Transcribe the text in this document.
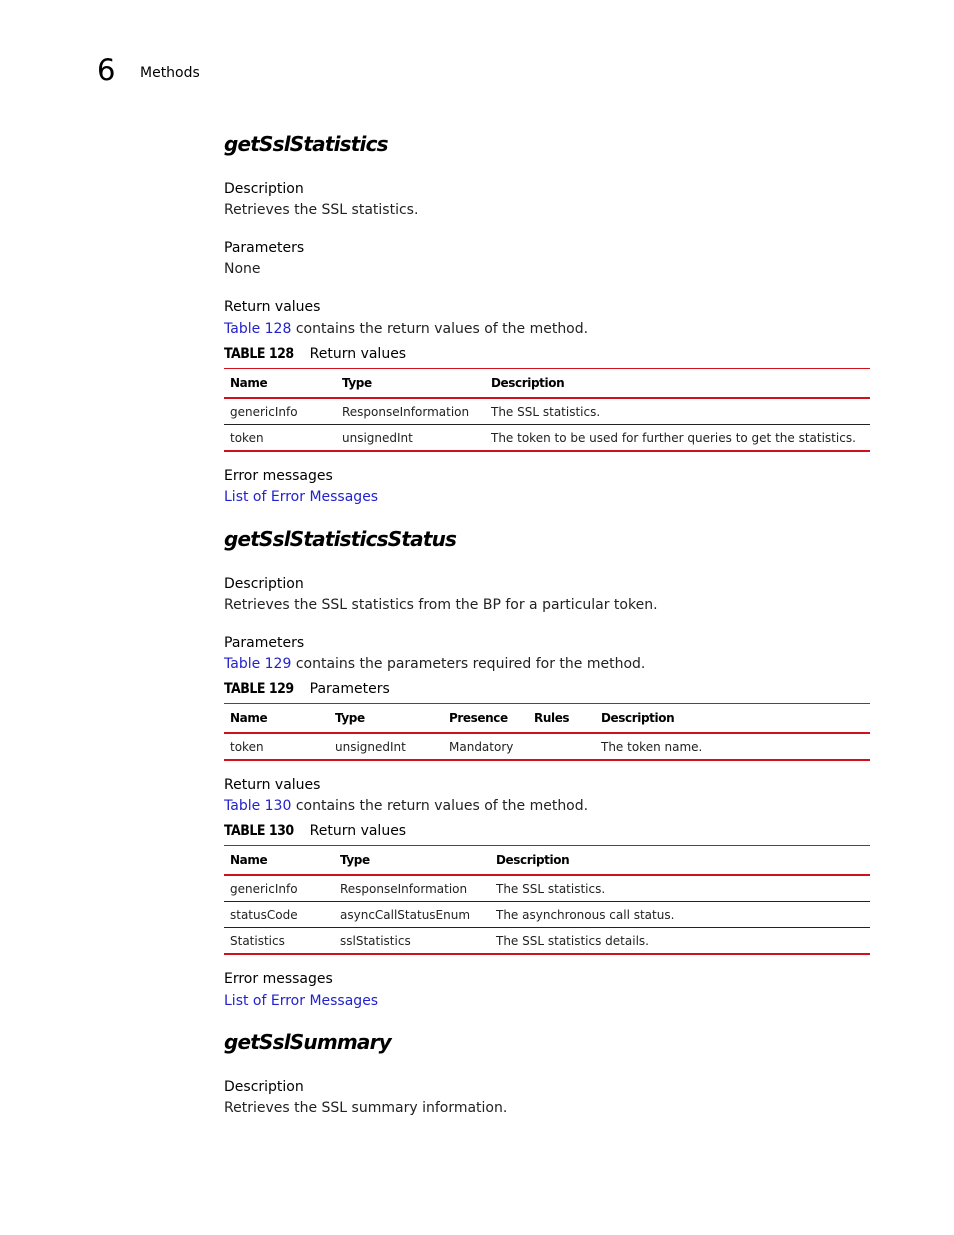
6 Methods
getSslStatistics
Description
Retrieves the SSL statistics.
Parameters
None
Return values
Table 128 contains the return values of the method.
TABLE 128 Return values
Name	Type	Description
genericInfo	ResponseInformation	The SSL statistics.
token	unsignedInt	The token to be used for further queries to get the statistics.
Error messages
List of Error Messages
getSslStatisticsStatus
Description
Retrieves the SSL statistics from the BP for a particular token.
Parameters
Table 129 contains the parameters required for the method.
TABLE 129 Parameters
Name	Type	Presence	Rules	Description
token	unsignedInt	Mandatory		The token name.
Return values
Table 130 contains the return values of the method.
TABLE 130 Return values
Name	Type	Description
genericInfo	ResponseInformation	The SSL statistics.
statusCode	asyncCallStatusEnum	The asynchronous call status.
Statistics	sslStatistics	The SSL statistics details.
Error messages
List of Error Messages
getSslSummary
Description
Retrieves the SSL summary information.
